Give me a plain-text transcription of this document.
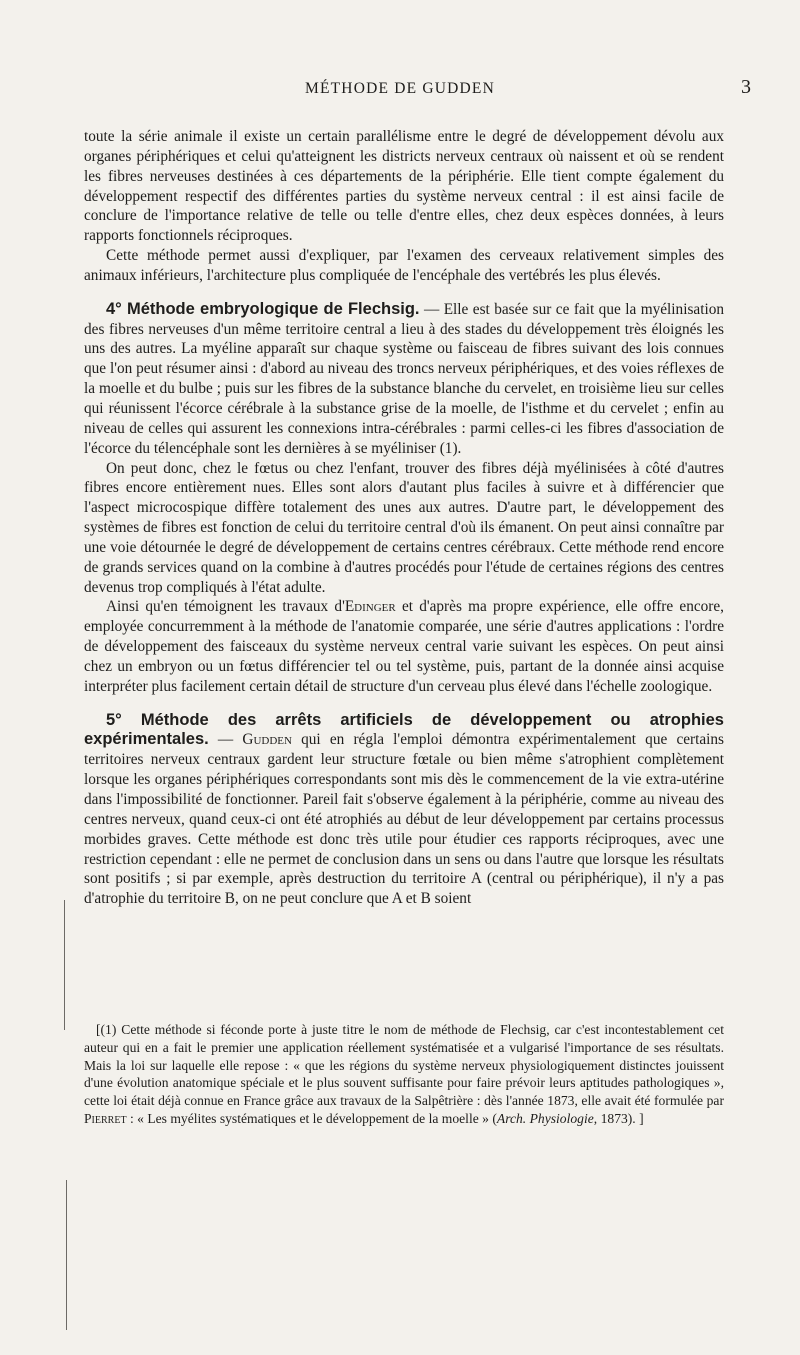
MÉTHODE DE GUDDEN	3

toute la série animale il existe un certain parallélisme entre le degré de développement dévolu aux organes périphériques et celui qu'atteignent les districts nerveux centraux où naissent et où se rendent les fibres nerveuses destinées à ces départements de la périphérie. Elle tient compte également du développement respectif des différentes parties du système nerveux central : il est ainsi facile de conclure de l'importance relative de telle ou telle d'entre elles, chez deux espèces données, à leurs rapports fonctionnels réciproques.

Cette méthode permet aussi d'expliquer, par l'examen des cerveaux relativement simples des animaux inférieurs, l'architecture plus compliquée de l'encéphale des vertébrés les plus élevés.

4° Méthode embryologique de Flechsig. — Elle est basée sur ce fait que la myélinisation des fibres nerveuses d'un même territoire central a lieu à des stades du développement très éloignés les uns des autres. La myéline apparaît sur chaque système ou faisceau de fibres suivant des lois connues que l'on peut résumer ainsi : d'abord au niveau des troncs nerveux périphériques, et des voies réflexes de la moelle et du bulbe ; puis sur les fibres de la substance blanche du cervelet, en troisième lieu sur celles qui réunissent l'écorce cérébrale à la substance grise de la moelle, de l'isthme et du cervelet ; enfin au niveau de celles qui assurent les connexions intra-cérébrales : parmi celles-ci les fibres d'association de l'écorce du télencéphale sont les dernières à se myéliniser (1).

On peut donc, chez le fœtus ou chez l'enfant, trouver des fibres déjà myélinisées à côté d'autres fibres encore entièrement nues. Elles sont alors d'autant plus faciles à suivre et à différencier que l'aspect microcospique diffère totalement des unes aux autres. D'autre part, le développement des systèmes de fibres est fonction de celui du territoire central d'où ils émanent. On peut ainsi connaître par une voie détournée le degré de développement de certains centres cérébraux. Cette méthode rend encore de grands services quand on la combine à d'autres procédés pour l'étude de certaines régions des centres devenus trop compliqués à l'état adulte.

Ainsi qu'en témoignent les travaux d'Edinger et d'après ma propre expérience, elle offre encore, employée concurremment à la méthode de l'anatomie comparée, une série d'autres applications : l'ordre de développement des faisceaux du système nerveux central varie suivant les espèces. On peut ainsi chez un embryon ou un fœtus différencier tel ou tel système, puis, partant de la donnée ainsi acquise interpréter plus facilement certain détail de structure d'un cerveau plus élevé dans l'échelle zoologique.

5° Méthode des arrêts artificiels de développement ou atrophies expérimentales. — Gudden qui en régla l'emploi démontra expérimentalement que certains territoires nerveux centraux gardent leur structure fœtale ou bien même s'atrophient complètement lorsque les organes périphériques correspondants sont mis dès le commencement de la vie extra-utérine dans l'impossibilité de fonctionner. Pareil fait s'observe également à la périphérie, comme au niveau des centres nerveux, quand ceux-ci ont été atrophiés au début de leur développement par certains processus morbides graves. Cette méthode est donc très utile pour étudier ces rapports réciproques, avec une restriction cependant : elle ne permet de conclusion dans un sens ou dans l'autre que lorsque les résultats sont positifs ; si par exemple, après destruction du territoire A (central ou périphérique), il n'y a pas d'atrophie du territoire B, on ne peut conclure que A et B soient

[(1) Cette méthode si féconde porte à juste titre le nom de méthode de Flechsig, car c'est incontestablement cet auteur qui en a fait le premier une application réellement systématisée et a vulgarisé l'importance de ses résultats. Mais la loi sur laquelle elle repose : « que les régions du système nerveux physiologiquement distinctes jouissent d'une évolution anatomique spéciale et le plus souvent suffisante pour faire prévoir leurs aptitudes pathologiques », cette loi était déjà connue en France grâce aux travaux de la Salpêtrière : dès l'année 1873, elle avait été formulée par Pierret : « Les myélites systématiques et le développement de la moelle » (Arch. Physiologie, 1873). ]
